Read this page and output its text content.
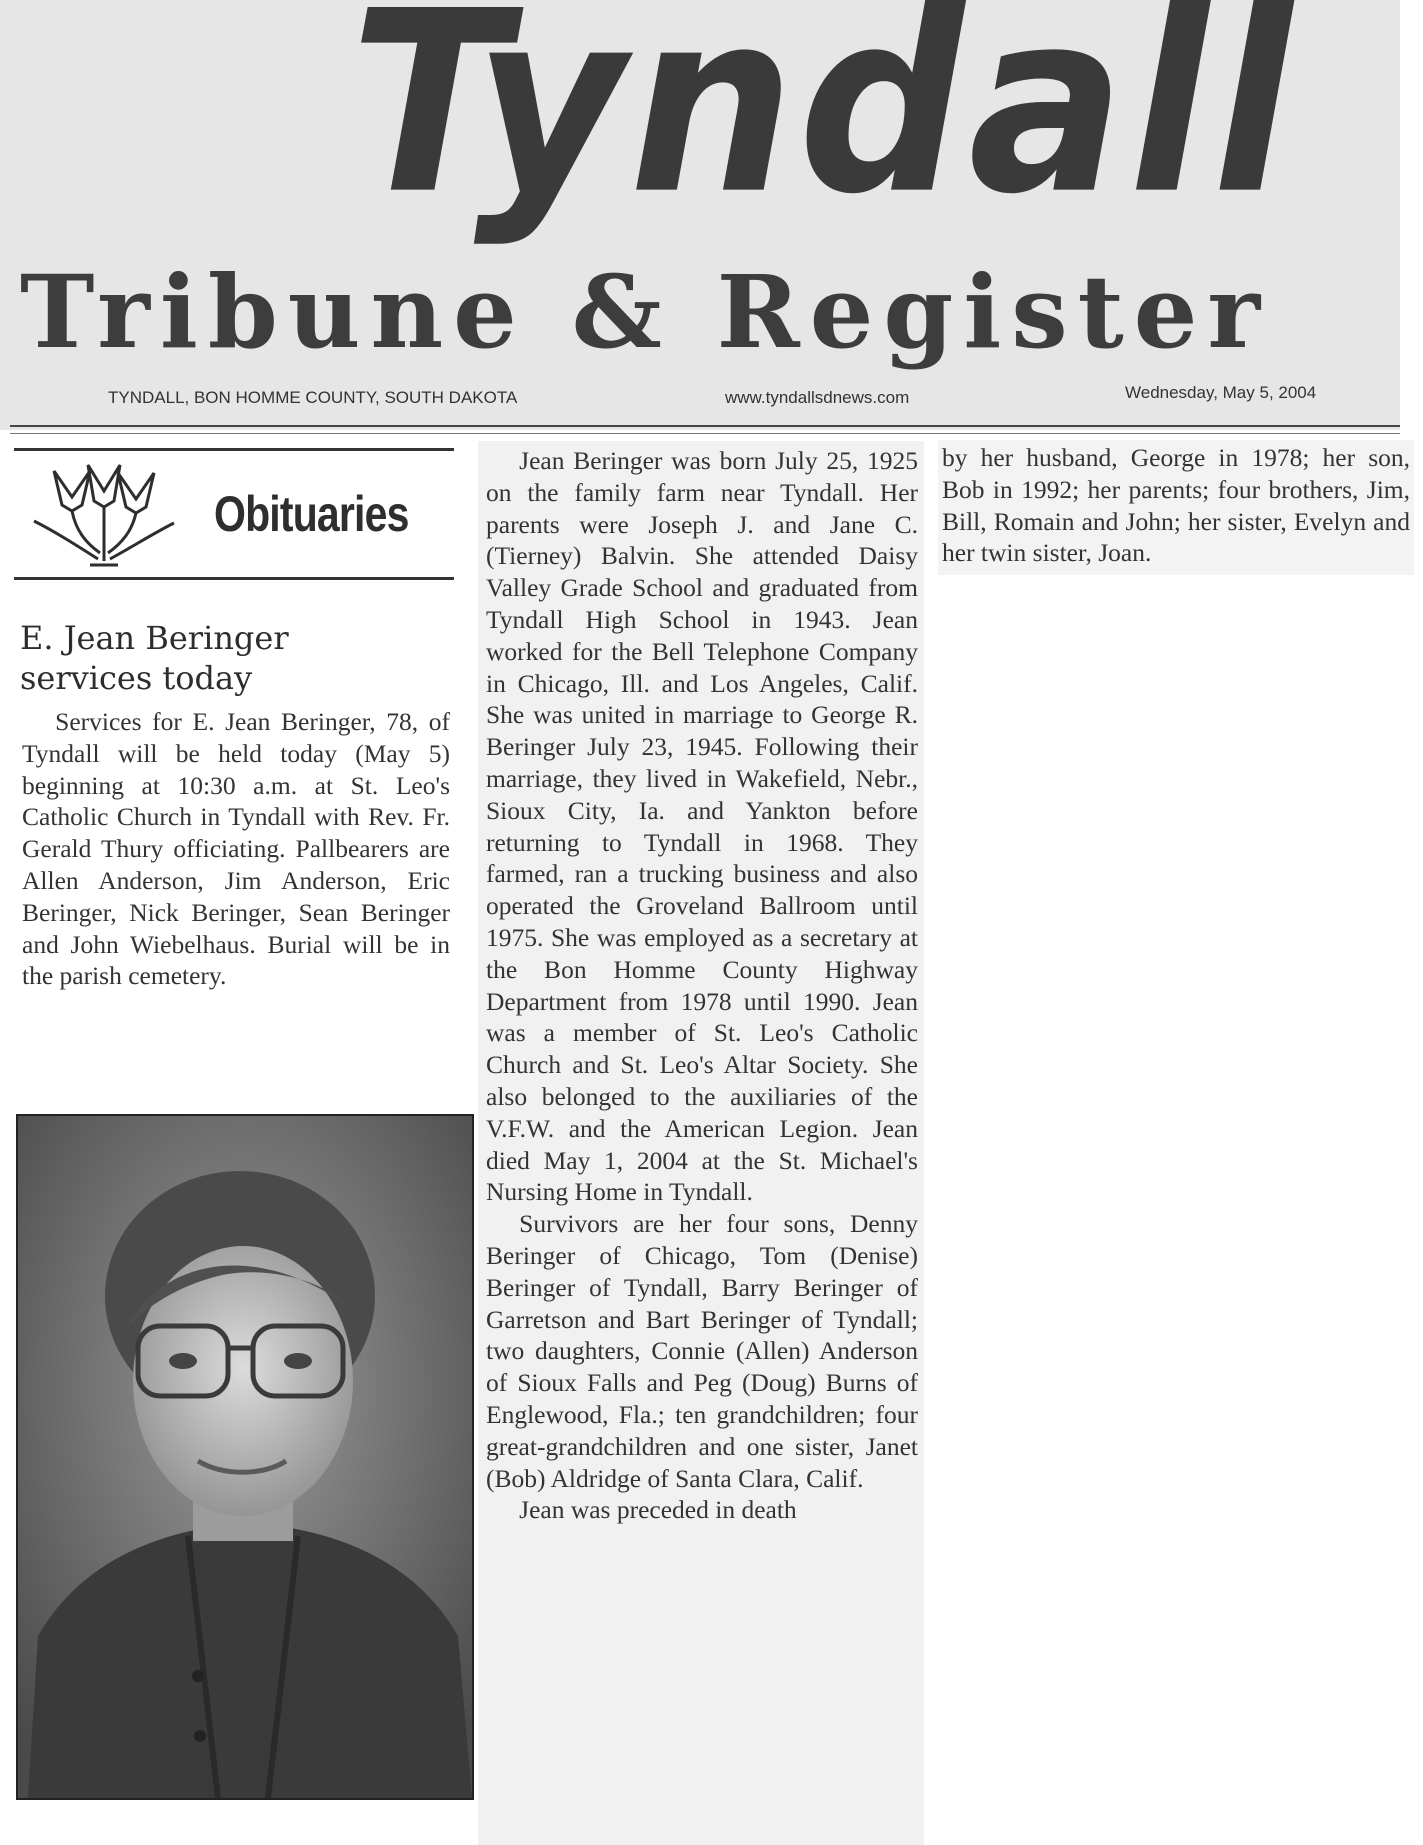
Tyndall
Tribune & Register
TYNDALL, BON HOMME COUNTY, SOUTH DAKOTA	www.tyndallsdnews.com	Wednesday, May 5, 2004
Obituaries
E. Jean Beringer
services today

Services for E. Jean Beringer, 78, of Tyndall will be held today (May 5) beginning at 10:30 a.m. at St. Leo's Catholic Church in Tyndall with Rev. Fr. Gerald Thury officiating. Pallbearers are Allen Anderson, Jim Anderson, Eric Beringer, Nick Beringer, Sean Beringer and John Wiebelhaus. Burial will be in the parish cemetery.

Jean Beringer was born July 25, 1925 on the family farm near Tyndall. Her parents were Joseph J. and Jane C. (Tierney) Balvin. She attended Daisy Valley Grade School and graduated from Tyndall High School in 1943. Jean worked for the Bell Telephone Company in Chicago, Ill. and Los Angeles, Calif. She was united in marriage to George R. Beringer July 23, 1945. Following their marriage, they lived in Wakefield, Nebr., Sioux City, Ia. and Yankton before returning to Tyndall in 1968. They farmed, ran a trucking business and also operated the Groveland Ballroom until 1975. She was employed as a secretary at the Bon Homme County Highway Department from 1978 until 1990. Jean was a member of St. Leo's Catholic Church and St. Leo's Altar Society. She also belonged to the auxiliaries of the V.F.W. and the American Legion. Jean died May 1, 2004 at the St. Michael's Nursing Home in Tyndall.

Survivors are her four sons, Denny Beringer of Chicago, Tom (Denise) Beringer of Tyndall, Barry Beringer of Garretson and Bart Beringer of Tyndall; two daughters, Connie (Allen) Anderson of Sioux Falls and Peg (Doug) Burns of Englewood, Fla.; ten grandchildren; four great-grandchildren and one sister, Janet (Bob) Aldridge of Santa Clara, Calif.

Jean was preceded in death

by her husband, George in 1978; her son, Bob in 1992; her parents; four brothers, Jim, Bill, Romain and John; her sister, Evelyn and her twin sister, Joan.
